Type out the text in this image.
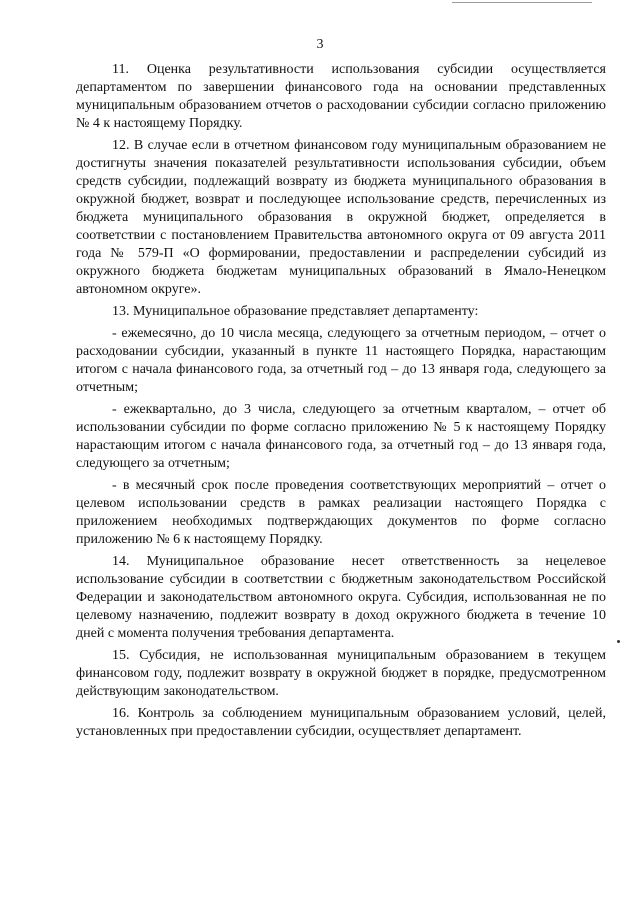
3

11. Оценка результативности использования субсидии осуществляется департаментом по завершении финансового года на основании представленных муниципальным образованием отчетов о расходовании субсидии согласно приложению № 4 к настоящему Порядку.

12. В случае если в отчетном финансовом году муниципальным образованием не достигнуты значения показателей результативности использования субсидии, объем средств субсидии, подлежащий возврату из бюджета муниципального образования в окружной бюджет, возврат и последующее использование средств, перечисленных из бюджета муниципального образования в окружной бюджет, определяется в соответствии с постановлением Правительства автономного округа от 09 августа 2011 года № 579-П «О формировании, предоставлении и распределении субсидий из окружного бюджета бюджетам муниципальных образований в Ямало-Ненецком автономном округе».

13. Муниципальное образование представляет департаменту:

- ежемесячно, до 10 числа месяца, следующего за отчетным периодом, – отчет о расходовании субсидии, указанный в пункте 11 настоящего Порядка, нарастающим итогом с начала финансового года, за отчетный год – до 13 января года, следующего за отчетным;

- ежеквартально, до 3 числа, следующего за отчетным кварталом, – отчет об использовании субсидии по форме согласно приложению № 5 к настоящему Порядку нарастающим итогом с начала финансового года, за отчетный год – до 13 января года, следующего за отчетным;

- в месячный срок после проведения соответствующих мероприятий – отчет о целевом использовании средств в рамках реализации настоящего Порядка с приложением необходимых подтверждающих документов по форме согласно приложению № 6 к настоящему Порядку.

14. Муниципальное образование несет ответственность за нецелевое использование субсидии в соответствии с бюджетным законодательством Российской Федерации и законодательством автономного округа. Субсидия, использованная не по целевому назначению, подлежит возврату в доход окружного бюджета в течение 10 дней с момента получения требования департамента.

15. Субсидия, не использованная муниципальным образованием в текущем финансовом году, подлежит возврату в окружной бюджет в порядке, предусмотренном действующим законодательством.

16. Контроль за соблюдением муниципальным образованием условий, целей, установленных при предоставлении субсидии, осуществляет департамент.
